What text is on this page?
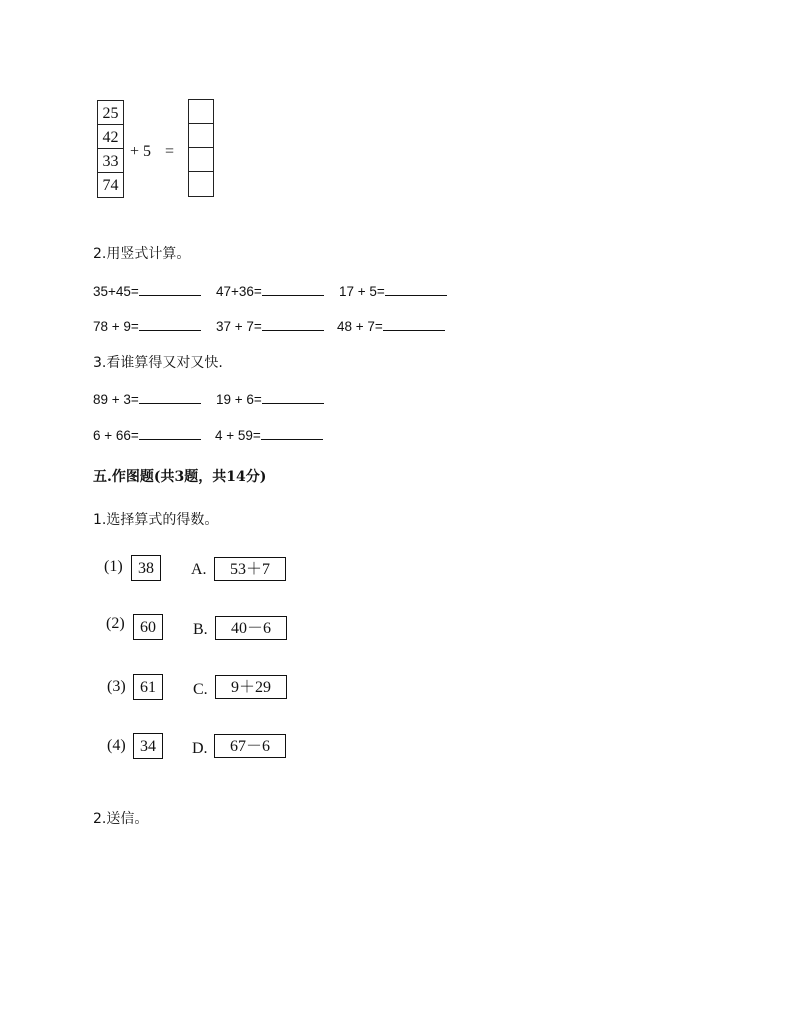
25
42
33
74
+ 5 =
2.用竖式计算。
35+45=	47+36=	17 + 5=
78 + 9=	37 + 7=	48 + 7=
3.看谁算得又对又快.
89 + 3=	19 + 6=
6 + 66=	4 + 59=
五.作图题(共3题，共14分)
1.选择算式的得数。
(1) 38	A.	53＋7
(2) 60	B.	40－6
(3) 61	C.	9＋29
(4) 34	D.	67－6
2.送信。
